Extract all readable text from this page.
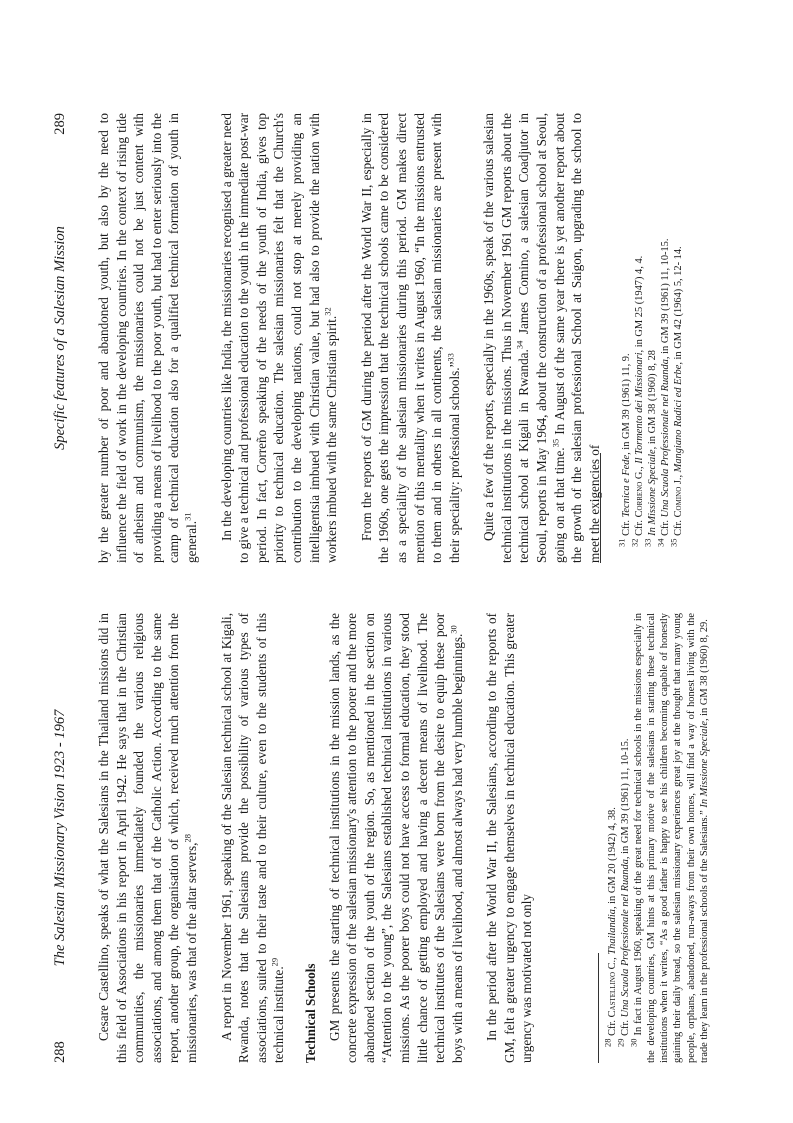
288
The Salesian Missionary Vision 1923 - 1967 Cesare Castellino, speaks of what the Salesians in the Thailand missions did in this field of Associations in his report in April 1942. He says that in the Christian communities, the missionaries immediately founded the various religious associations, and among them that of the Catholic Action. According to the same report, another group, the organisation of which, received much attention from the missionaries, was that of the altar servers,$^{28}$	A report in November 1961, speaking of the Salesian technical school at Kigali, Rwanda, notes that the Salesians provide the possibility of various types of associations, suited to their taste and to their culture, even to the students of this technical institute.$^{29}$

Technical Schools GM presents the starting of technical institutions in the mission lands, as the concrete expression of the salesian missionary's attention to the poorer and the more abandoned section of the youth of the region. So, as mentioned in the section on “Attention to the young”, the Salesians established technical institutions in various missions. As the poorer boys could not have access to formal education, they stood little chance of getting employed and having a decent means of livelihood. The technical institutes of the Salesians were born from the desire to equip these poor boys with a means of livelihood, and almost always had very humble beginnings.$^{30}$	In the period after the World War II, the Salesians, according to the reports of GM, felt a greater urgency to engage themselves in technical education. This greater urgency was motivated not only	$^{28}$ Cfr. Castellino C., Thailandia, in GM 20 (1942) 4, 38.

$^{29}$ Cfr. Una Scuola Professionale nel Ruanda, in GM 39 (1961) 11, 10-15.

$^{30}$ In fact in August 1960, speaking of the great need for technical schools in the missions especially in the developing countries, GM hints at this primary motive of the salesians in starting these technical institutions when it writes, “As a good father is happy to see his children becoming capable of honestly gaining their daily bread, so the salesian missionary experiences great joy at the thought that many young people, orphans, abandoned, run-aways from their own homes, will find a way of honest living with the trade they learn in the professional schools of the Salesians.” In Missione Speciale, in GM 38 (1960) 8, 29.

Specific features of a Salesian Mission
289 by the greater number of poor and abandoned youth, but also by the need to influence the field of work in the developing countries. In the context of rising tide of atheism and communism, the missionaries could not be just content with providing a means of livelihood to the poor youth, but had to enter seriously into the camp of technical education also for a qualified technical formation of youth in general.$^{31}$	In the developing countries like India, the missionaries recognised a greater need to give a technical and professional education to the youth in the immediate post-war period. In fact, Correño speaking of the needs of the youth of India, gives top priority to technical education. The salesian missionaries felt that the Church's contribution to the developing nations, could not stop at merely providing an intelligentsia imbued with Christian value, but had also to provide the nation with workers imbued with the same Christian spirit.$^{32}$	From the reports of GM during the period after the World War II, especially in the 1960s, one gets the impression that the technical schools came to be considered as a speciality of the salesian missionaries during this period. GM makes direct mention of this mentality when it writes in August 1960, “In the missions entrusted to them and in others in all continents, the salesian missionaries are present with their speciality: professional schools.”$^{33}$	Quite a few of the reports, especially in the 1960s, speak of the various salesian technical institutions in the missions. Thus in November 1961 GM reports about the technical school at Kigali in Rwanda.$^{34}$ James Comino, a salesian Coadjutor in Seoul, reports in May 1964, about the construction of a professional school at Seoul, going on at that time.$^{35}$ In August of the same year there is yet another report about the growth of the salesian professional School at Saigon, upgrading the school to meet the exigencies of $^{31}$ Cfr. Tecnica e Fede, in GM 39 (1961) 11, 9.

$^{32}$ Cfr. Correno G., Il Tormento dei Missionari, in GM 25 (1947) 4, 4.

$^{33}$ In Missione Speciale, in GM 38 (1960) 8, 28

$^{34}$ Cfr. Una Scuola Professionale nel Ruanda, in GM 39 (1961) 11, 10-15.

$^{35}$ Cfr. Comino J., Mangiano Radici ed Erbe, in GM 42 (1964) 5, 12- 14.
